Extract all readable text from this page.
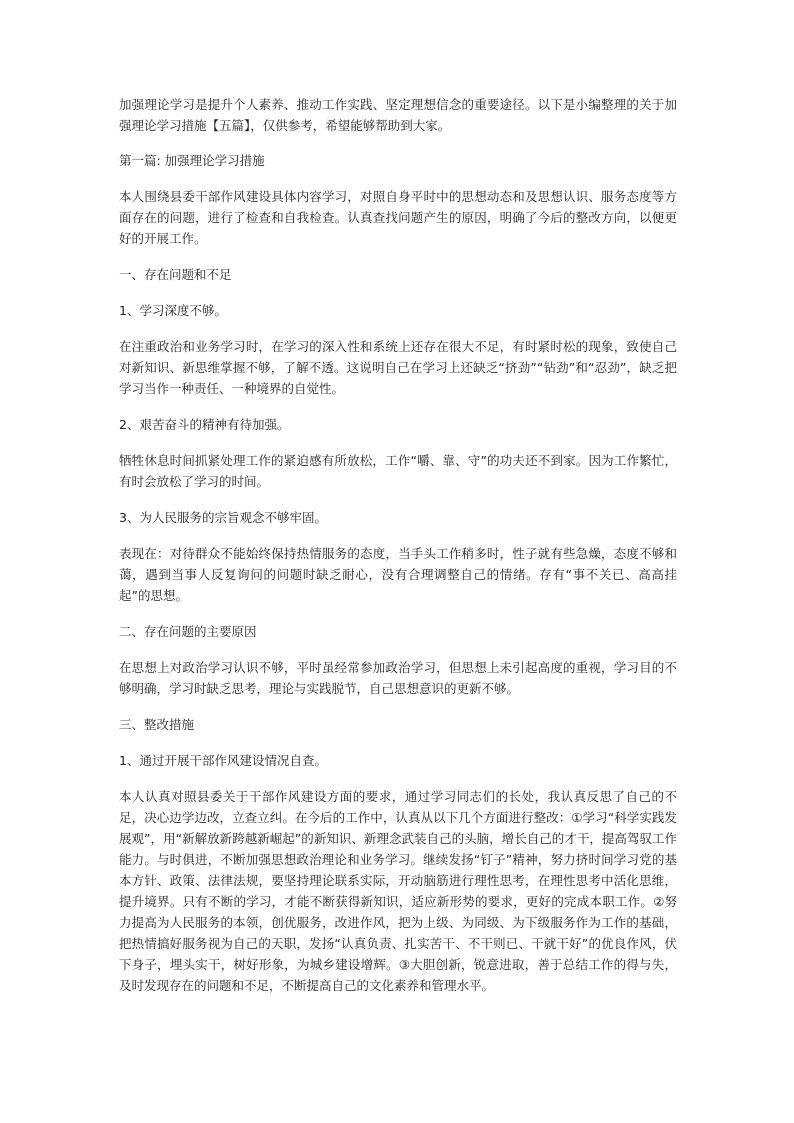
加强理论学习是提升个人素养、推动工作实践、坚定理想信念的重要途径。以下是小编整理的关于加强理论学习措施【五篇】，仅供参考，希望能够帮助到大家。

第一篇: 加强理论学习措施

本人围绕县委干部作风建设具体内容学习，对照自身平时中的思想动态和及思想认识、服务态度等方面存在的问题，进行了检查和自我检查。认真查找问题产生的原因，明确了今后的整改方向，以便更好的开展工作。

一、存在问题和不足

1、学习深度不够。

在注重政治和业务学习时，在学习的深入性和系统上还存在很大不足，有时紧时松的现象，致使自己对新知识、新思维掌握不够，了解不透。这说明自己在学习上还缺乏“挤劲”“钻劲”和“忍劲”，缺乏把学习当作一种责任、一种境界的自觉性。

2、艰苦奋斗的精神有待加强。

牺牲休息时间抓紧处理工作的紧迫感有所放松，工作“嚼、靠、守”的功夫还不到家。因为工作繁忙，有时会放松了学习的时间。

3、为人民服务的宗旨观念不够牢固。

表现在：对待群众不能始终保持热情服务的态度，当手头工作稍多时，性子就有些急燥，态度不够和蔼，遇到当事人反复询问的问题时缺乏耐心，没有合理调整自己的情绪。存有“事不关已、高高挂起”的思想。

二、存在问题的主要原因

在思想上对政治学习认识不够，平时虽经常参加政治学习，但思想上未引起高度的重视，学习目的不够明确，学习时缺乏思考，理论与实践脱节，自己思想意识的更新不够。

三、整改措施

1、通过开展干部作风建设情况自查。

本人认真对照县委关于干部作风建设方面的要求，通过学习同志们的长处，我认真反思了自己的不足，决心边学边改，立查立纠。在今后的工作中，认真从以下几个方面进行整改：①学习“科学实践发展观”，用“新解放新跨越新崛起”的新知识、新理念武装自己的头脑，增长自己的才干，提高驾驭工作能力。与时俱进，不断加强思想政治理论和业务学习。继续发扬“钉子”精神，努力挤时间学习党的基本方针、政策、法律法规，要坚持理论联系实际，开动脑筋进行理性思考，在理性思考中活化思维，提升境界。只有不断的学习，才能不断获得新知识，适应新形势的要求，更好的完成本职工作。②努力提高为人民服务的本领，创优服务，改进作风，把为上级、为同级、为下级服务作为工作的基础，把热情搞好服务视为自己的天职，发扬“认真负责、扎实苦干、不干则已、干就干好”的优良作风，伏下身子，埋头实干，树好形象，为城乡建设增辉。③大胆创新，锐意进取，善于总结工作的得与失，及时发现存在的问题和不足，不断提高自己的文化素养和管理水平。
